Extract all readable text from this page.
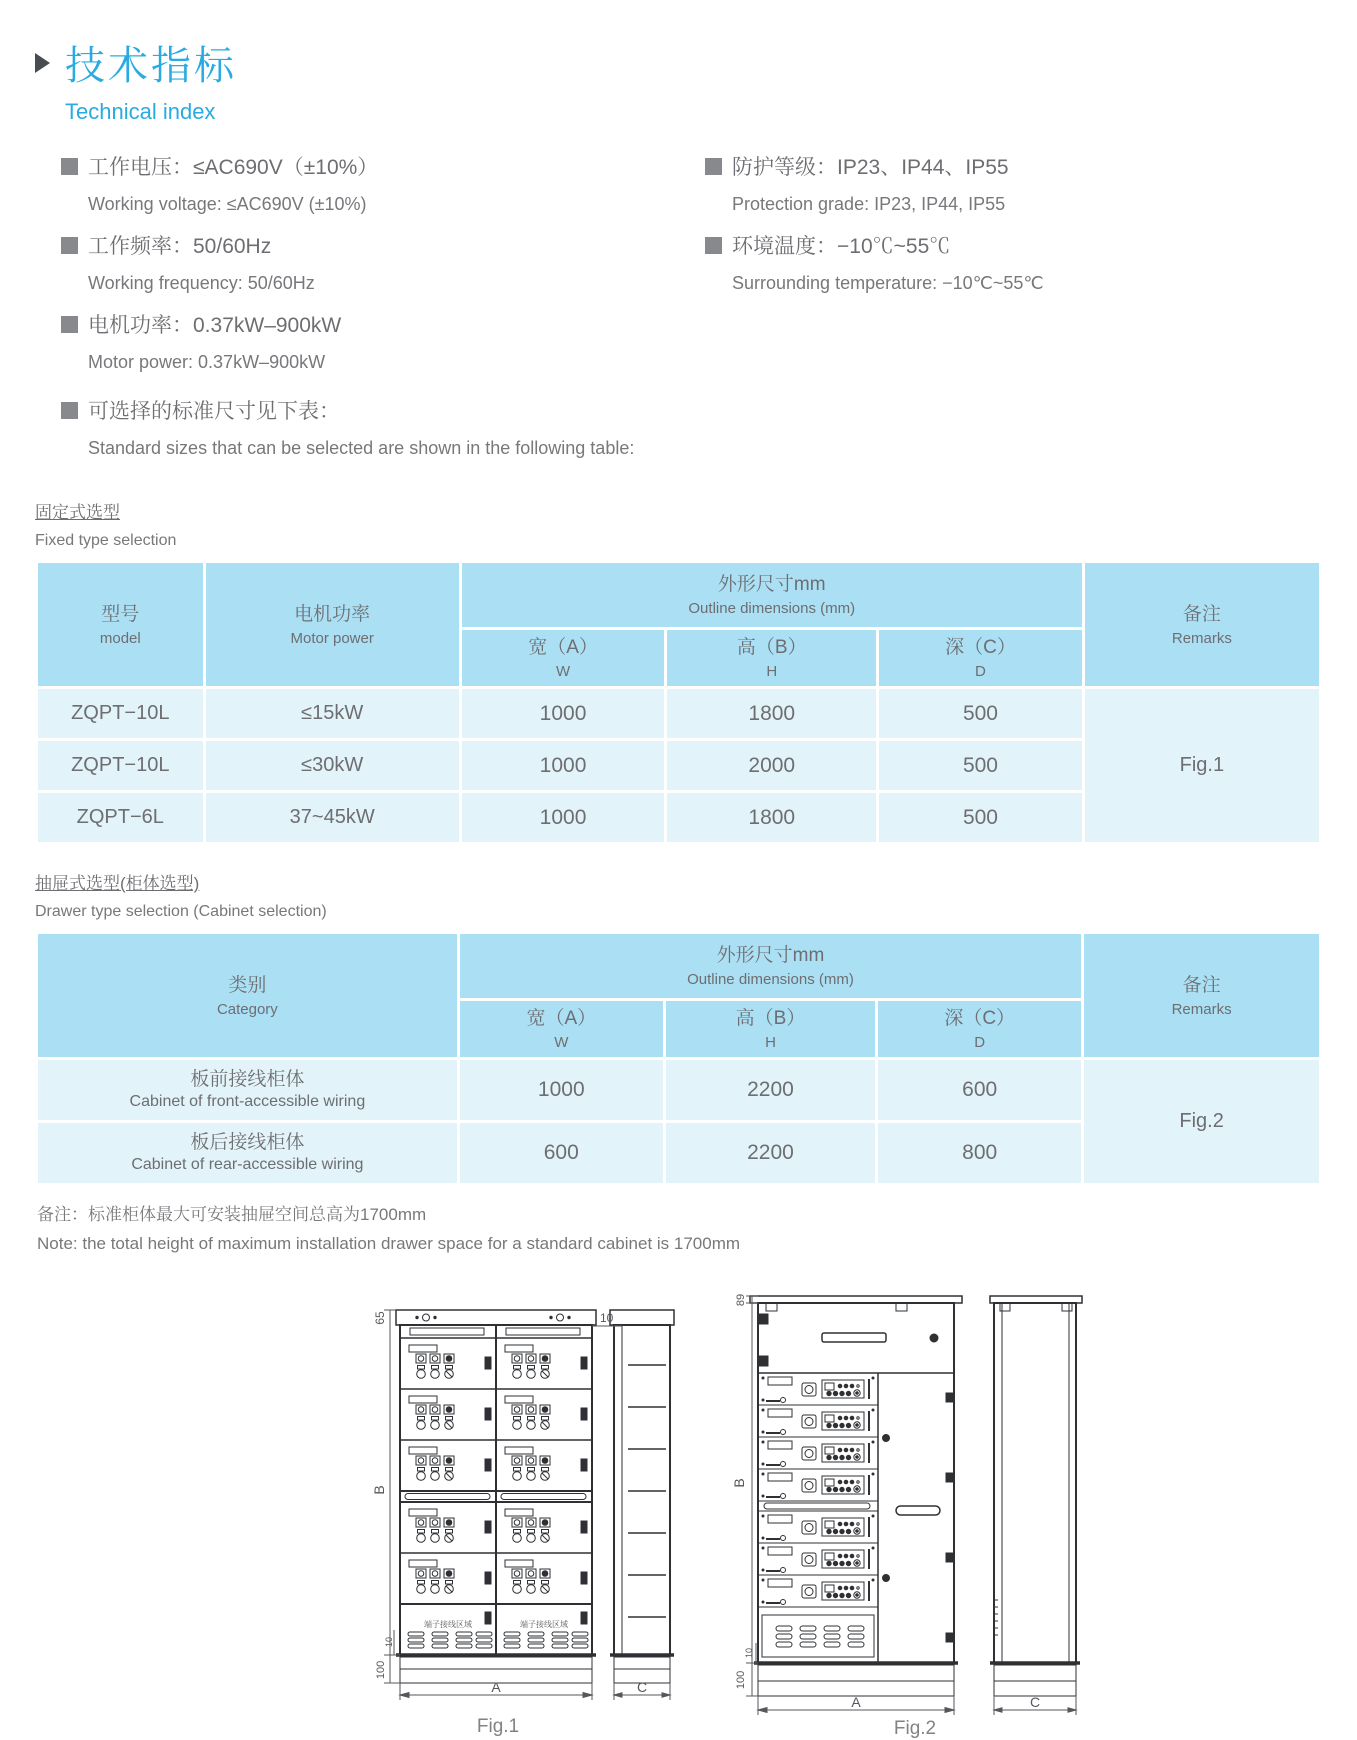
技术指标
Technical index
工作电压：≤AC690V（±10%）
Working voltage: ≤AC690V (±10%)
工作频率：50/60Hz
Working frequency: 50/60Hz
电机功率：0.37kW–900kW
Motor power: 0.37kW–900kW
可选择的标准尺寸见下表：
Standard sizes that can be selected are shown in the following table:
防护等级：IP23、IP44、IP55
Protection grade: IP23, IP44, IP55
环境温度：−10℃~55℃
Surrounding temperature: −10℃~55℃
固定式选型
Fixed type selection
型号
model

电机功率
Motor power

外形尺寸mm
Outline dimensions (mm)	备注
Remarks

宽（A）
W

高（B）
H

深（C）
D

ZQPT−10L	≤15kW	1000	1800	500	Fig.1
ZQPT−10L	≤30kW	1000	2000	500	
ZQPT−6L	37~45kW	1000	1800	500	
抽屉式选型(柜体选型)
Drawer type selection (Cabinet selection)
类别
Category

外形尺寸mm
Outline dimensions (mm)	备注
Remarks

宽（A）
W

高（B）
H

深（C）
D

板前接线柜体
Cabinet of front-accessible wiring	1000	2200	600	Fig.2

板后接线柜体
Cabinet of rear-accessible wiring	600	2200	800	
备注：标准柜体最大可安装抽屉空间总高为1700mm
Note: the total height of maximum installation drawer space for a standard cabinet is 1700mm
端子接线区域	端子接线区域
65	10
B
10
100
A	C
Fig.1
89
B
10
100
A	C
Fig.2
